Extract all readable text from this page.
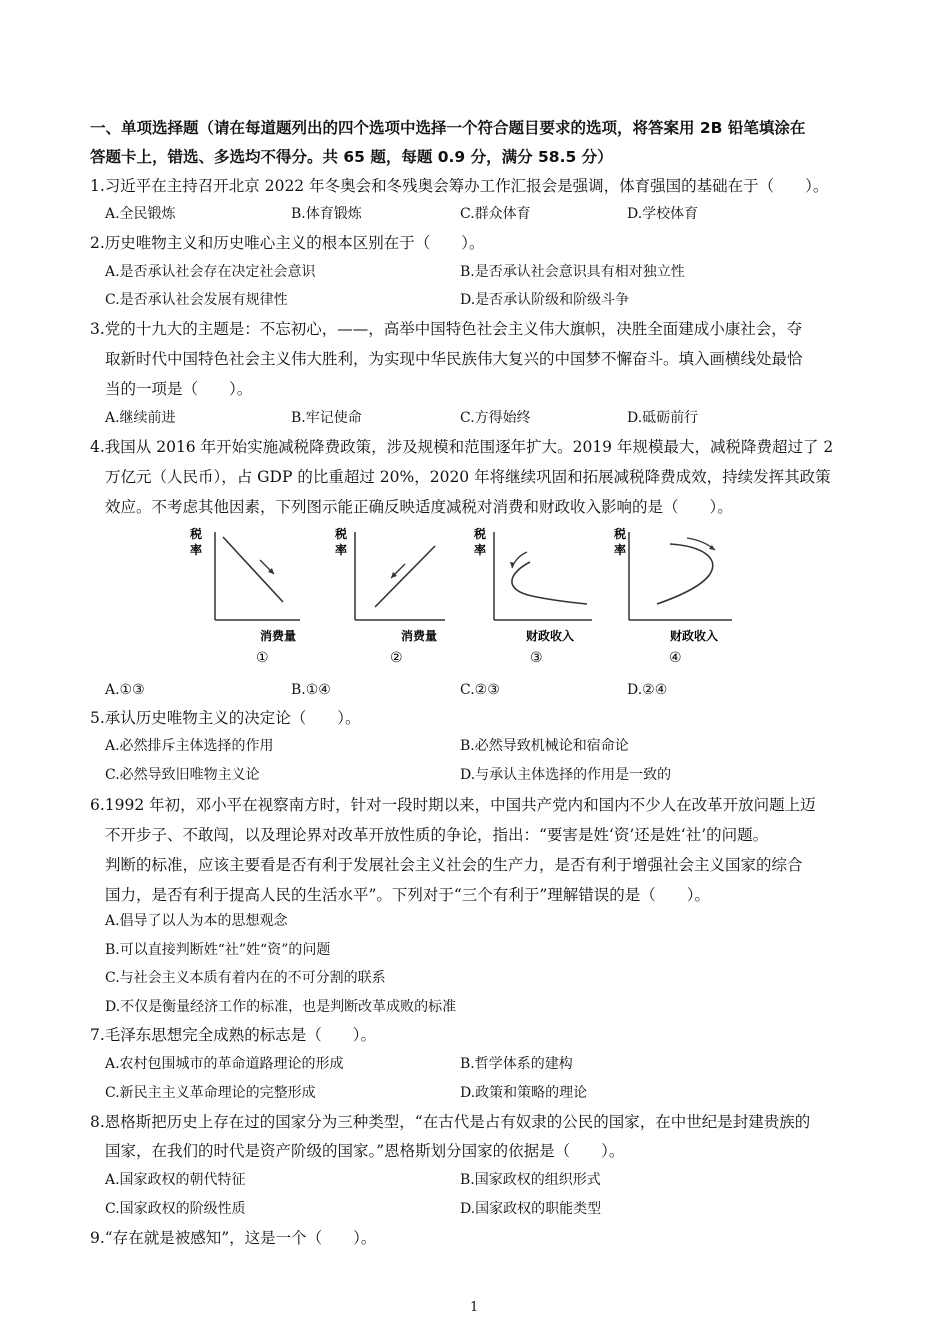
一、单项选择题（请在每道题列出的四个选项中选择一个符合题目要求的选项，将答案用 2B 铅笔填涂在
答题卡上，错选、多选均不得分。共 65 题，每题 0.9 分，满分 58.5 分）
1.习近平在主持召开北京 2022 年冬奥会和冬残奥会筹办工作汇报会是强调，体育强国的基础在于（　　）。
A.全民锻炼	B.体育锻炼	C.群众体育	D.学校体育
2.历史唯物主义和历史唯心主义的根本区别在于（　　）。
A.是否承认社会存在决定社会意识	B.是否承认社会意识具有相对独立性
C.是否承认社会发展有规律性	D.是否承认阶级和阶级斗争
3.党的十九大的主题是：不忘初心，——，高举中国特色社会主义伟大旗帜，决胜全面建成小康社会，夺
取新时代中国特色社会主义伟大胜利，为实现中华民族伟大复兴的中国梦不懈奋斗。填入画横线处最恰
当的一项是（　　）。
A.继续前进	B.牢记使命	C.方得始终	D.砥砺前行
4.我国从 2016 年开始实施减税降费政策，涉及规模和范围逐年扩大。2019 年规模最大，减税降费超过了 2
万亿元（人民币），占 GDP 的比重超过 20%，2020 年将继续巩固和拓展减税降费成效，持续发挥其政策
效应。不考虑其他因素，下列图示能正确反映适度减税对消费和财政收入影响的是（　　）。
税
率
消费量
①
税
率
消费量
②
税
率
财政收入
③
税
率
财政收入
④
A.①③	B.①④	C.②③	D.②④
5.承认历史唯物主义的决定论（　　）。
A.必然排斥主体选择的作用	B.必然导致机械论和宿命论
C.必然导致旧唯物主义论	D.与承认主体选择的作用是一致的
6.1992 年初，邓小平在视察南方时，针对一段时期以来，中国共产党内和国内不少人在改革开放问题上迈
不开步子、不敢闯，以及理论界对改革开放性质的争论，指出：“要害是姓‘资’还是姓‘社’的问题。
判断的标准，应该主要看是否有利于发展社会主义社会的生产力，是否有利于增强社会主义国家的综合
国力，是否有利于提高人民的生活水平”。下列对于“三个有利于”理解错误的是（　　）。
A.倡导了以人为本的思想观念
B.可以直接判断姓“社”姓“资”的问题
C.与社会主义本质有着内在的不可分割的联系
D.不仅是衡量经济工作的标准，也是判断改革成败的标准
7.毛泽东思想完全成熟的标志是（　　）。
A.农村包围城市的革命道路理论的形成	B.哲学体系的建构
C.新民主主义革命理论的完整形成	D.政策和策略的理论
8.恩格斯把历史上存在过的国家分为三种类型，“在古代是占有奴隶的公民的国家，在中世纪是封建贵族的
国家，在我们的时代是资产阶级的国家。”恩格斯划分国家的依据是（　　）。
A.国家政权的朝代特征	B.国家政权的组织形式
C.国家政权的阶级性质	D.国家政权的职能类型
9.“存在就是被感知”，这是一个（　　）。
1
